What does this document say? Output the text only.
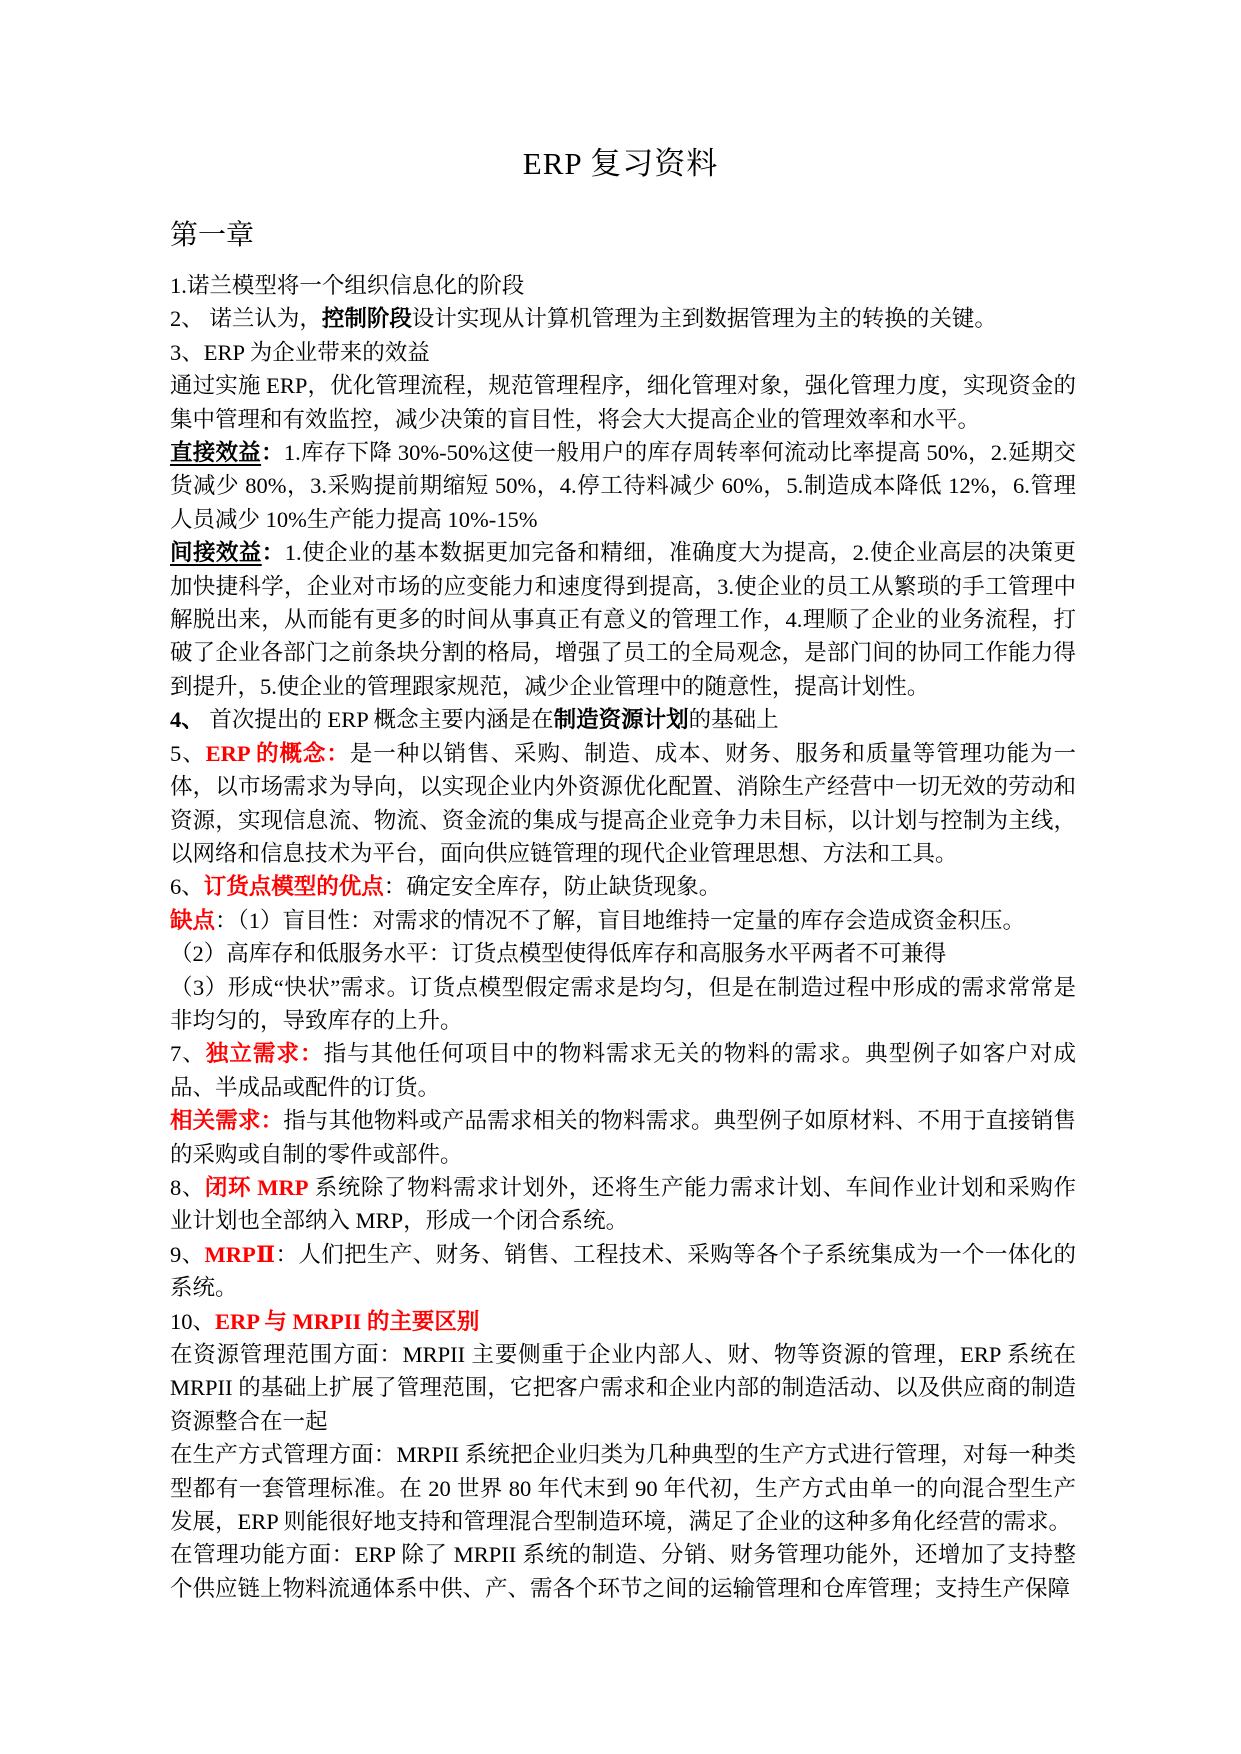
ERP 复习资料
第一章

1.诺兰模型将一个组织信息化的阶段

2、 诺兰认为，控制阶段设计实现从计算机管理为主到数据管理为主的转换的关键。

3、ERP 为企业带来的效益

通过实施 ERP，优化管理流程，规范管理程序，细化管理对象，强化管理力度，实现资金的集中管理和有效监控，减少决策的盲目性，将会大大提高企业的管理效率和水平。

直接效益：1.库存下降 30%-50%这使一般用户的库存周转率何流动比率提高 50%，2.延期交货减少 80%，3.采购提前期缩短 50%，4.停工待料减少 60%，5.制造成本降低 12%，6.管理人员减少 10%生产能力提高 10%-15%

间接效益：1.使企业的基本数据更加完备和精细，准确度大为提高，2.使企业高层的决策更加快捷科学，企业对市场的应变能力和速度得到提高，3.使企业的员工从繁琐的手工管理中解脱出来，从而能有更多的时间从事真正有意义的管理工作，4.理顺了企业的业务流程，打破了企业各部门之前条块分割的格局，增强了员工的全局观念，是部门间的协同工作能力得到提升，5.使企业的管理跟家规范，减少企业管理中的随意性，提高计划性。

4、 首次提出的 ERP 概念主要内涵是在制造资源计划的基础上

5、ERP 的概念：是一种以销售、采购、制造、成本、财务、服务和质量等管理功能为一体，以市场需求为导向，以实现企业内外资源优化配置、消除生产经营中一切无效的劳动和资源，实现信息流、物流、资金流的集成与提高企业竞争力未目标，以计划与控制为主线，以网络和信息技术为平台，面向供应链管理的现代企业管理思想、方法和工具。

6、订货点模型的优点：确定安全库存，防止缺货现象。

缺点：（1）盲目性：对需求的情况不了解，盲目地维持一定量的库存会造成资金积压。

（2）高库存和低服务水平：订货点模型使得低库存和高服务水平两者不可兼得

（3）形成“快状”需求。订货点模型假定需求是均匀，但是在制造过程中形成的需求常常是非均匀的，导致库存的上升。

7、独立需求：指与其他任何项目中的物料需求无关的物料的需求。典型例子如客户对成品、半成品或配件的订货。

相关需求：指与其他物料或产品需求相关的物料需求。典型例子如原材料、不用于直接销售的采购或自制的零件或部件。

8、闭环 MRP 系统除了物料需求计划外，还将生产能力需求计划、车间作业计划和采购作业计划也全部纳入 MRP，形成一个闭合系统。

9、MRPⅡ：人们把生产、财务、销售、工程技术、采购等各个子系统集成为一个一体化的系统。

10、ERP 与 MRPII 的主要区别

在资源管理范围方面：MRPII 主要侧重于企业内部人、财、物等资源的管理，ERP 系统在 MRPII 的基础上扩展了管理范围，它把客户需求和企业内部的制造活动、以及供应商的制造资源整合在一起

在生产方式管理方面：MRPII 系统把企业归类为几种典型的生产方式进行管理，对每一种类型都有一套管理标准。在 20 世界 80 年代末到 90 年代初，生产方式由单一的向混合型生产发展，ERP 则能很好地支持和管理混合型制造环境，满足了企业的这种多角化经营的需求。

在管理功能方面：ERP 除了 MRPII 系统的制造、分销、财务管理功能外，还增加了支持整个供应链上物料流通体系中供、产、需各个环节之间的运输管理和仓库管理；支持生产保障
